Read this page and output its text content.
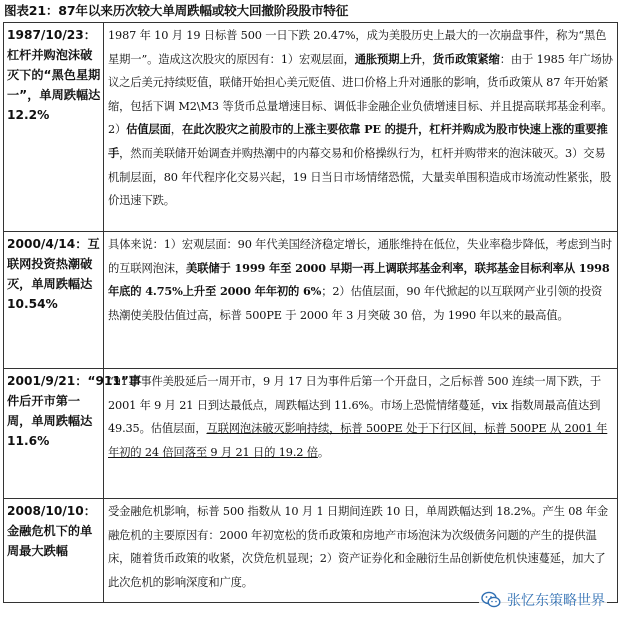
图表21：87年以来历次较大单周跌幅或较大回撤阶段股市特征
1987/10/23：杠杆并购泡沫破灭下的“黑色星期一”，单周跌幅达12.2%	1987 年 10 月 19 日标普 500 一日下跌 20.47%，成为美股历史上最大的一次崩盘事件，称为“黑色星期一”。造成这次股灾的原因有：1）宏观层面，通胀预期上升，货币政策紧缩：由于 1985 年广场协议之后美元持续贬值，联储开始担心美元贬值、进口价格上升对通胀的影响，货币政策从 87 年开始紧缩，包括下调 M2\M3 等货币总量增速目标、调低非金融企业负债增速目标、并且提高联邦基金利率。2）估值层面，在此次股灾之前股市的上涨主要依靠 PE 的提升，杠杆并购成为股市快速上涨的重要推手，然而美联储开始调查并购热潮中的内幕交易和价格操纵行为，杠杆并购带来的泡沫破灭。3）交易机制层面，80 年代程序化交易兴起，19 日当日市场情绪恐慌，大量卖单围积造成市场流动性紧张，股价迅速下跌。
2000/4/14：互联网投资热潮破灭，单周跌幅达10.54%	具体来说：1）宏观层面：90 年代美国经济稳定增长，通胀维持在低位，失业率稳步降低，考虑到当时的互联网泡沫，美联储于 1999 年至 2000 早期一再上调联邦基金利率，联邦基金目标利率从 1998 年底的 4.75%上升至 2000 年年初的 6%；2）估值层面，90 年代掀起的以互联网产业引领的投资热潮使美股估值过高，标普 500PE 于 2000 年 3 月突破 30 倍，为 1990 年以来的最高值。
2001/9/21：“911”事件后开市第一周，单周跌幅达11.6%	“911”事件美股延后一周开市，9 月 17 日为事件后第一个开盘日，之后标普 500 连续一周下跌，于 2001 年 9 月 21 日到达最低点，周跌幅达到 11.6%。市场上恐慌情绪蔓延，vix 指数周最高值达到 49.35。估值层面，互联网泡沫破灭影响持续，标普 500PE 处于下行区间，标普 500PE 从 2001 年年初的 24 倍回落至 9 月 21 日的 19.2 倍。
2008/10/10：金融危机下的单周最大跌幅	受金融危机影响，标普 500 指数从 10 月 1 日期间连跌 10 日，单周跌幅达到 18.2%。产生 08 年金融危机的主要原因有：2000 年初宽松的货币政策和房地产市场泡沫为次级债务问题的产生的提供温床，随着货币政策的收紧，次贷危机显现；2）资产证券化和金融衍生品创新使危机快速蔓延，加大了此次危机的影响深度和广度。
张忆东策略世界
